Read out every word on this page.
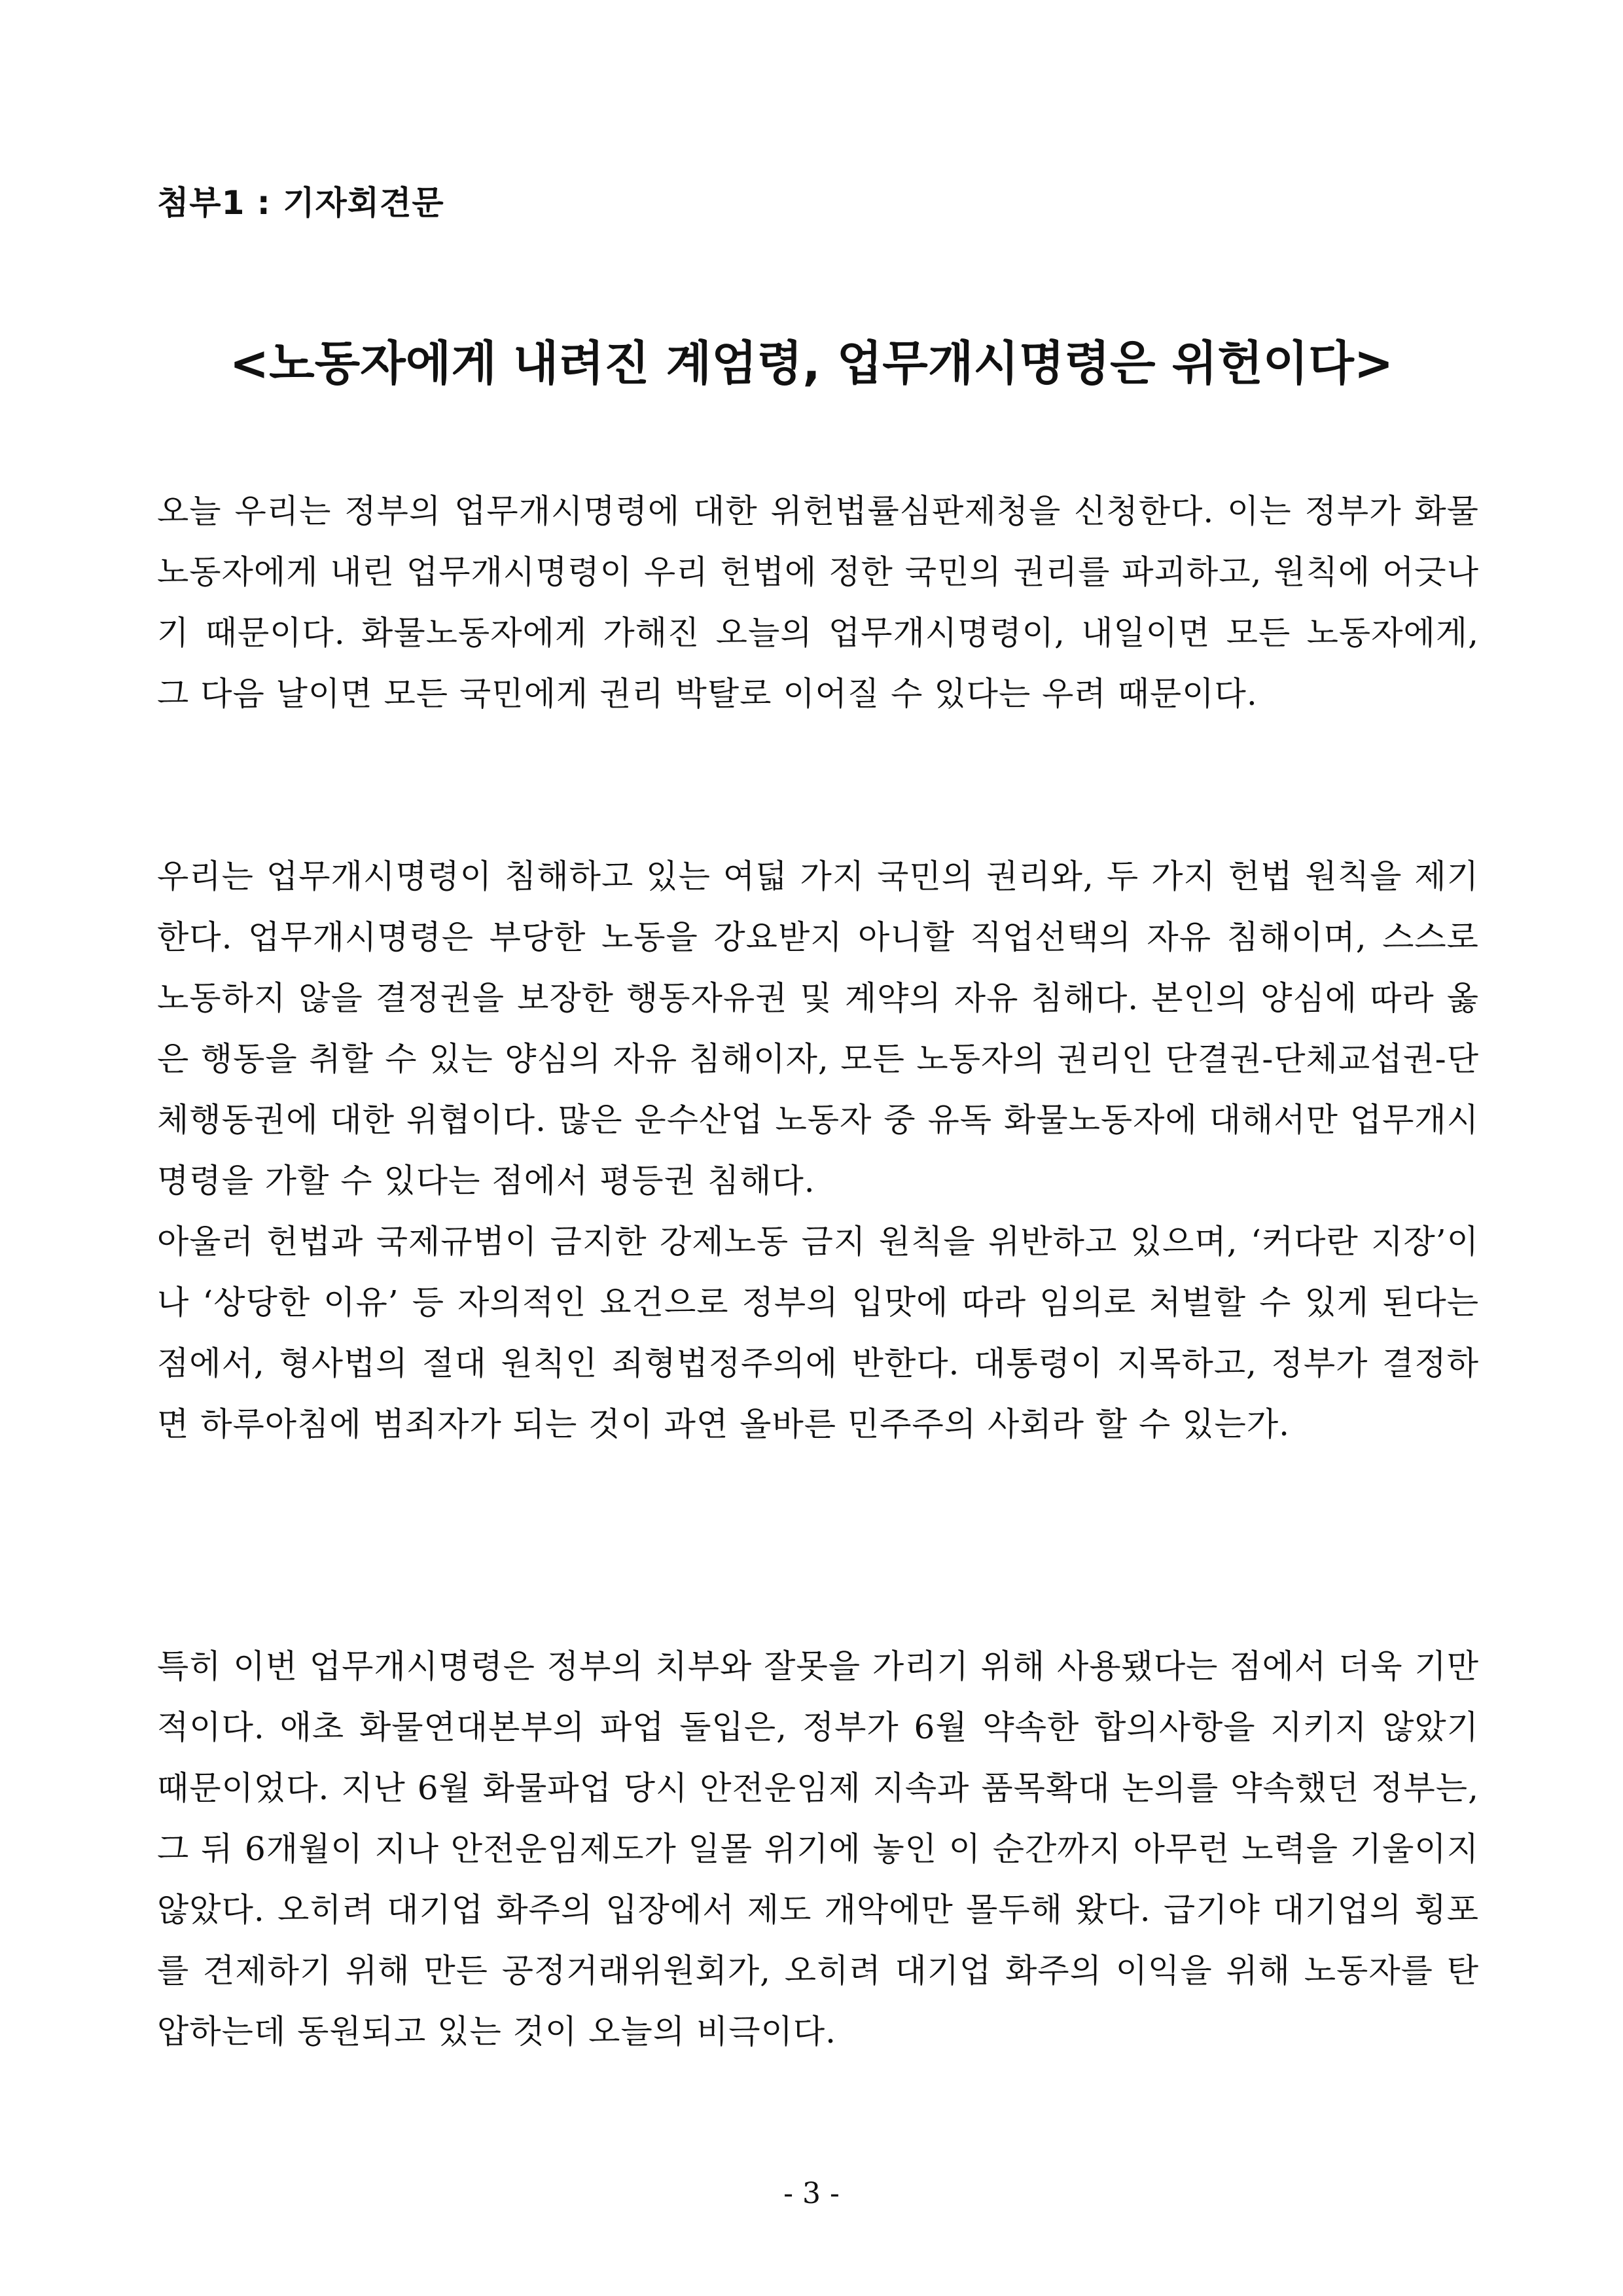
첨부1 : 기자회견문
<노동자에게 내려진 계엄령, 업무개시명령은 위헌이다>

오늘 우리는 정부의 업무개시명령에 대한 위헌법률심판제청을 신청한다. 이는 정부가 화물노동자에게 내린 업무개시명령이 우리 헌법에 정한 국민의 권리를 파괴하고, 원칙에 어긋나기 때문이다. 화물노동자에게 가해진 오늘의 업무개시명령이, 내일이면 모든 노동자에게, 그 다음 날이면 모든 국민에게 권리 박탈로 이어질 수 있다는 우려 때문이다.

우리는 업무개시명령이 침해하고 있는 여덟 가지 국민의 권리와, 두 가지 헌법 원칙을 제기한다. 업무개시명령은 부당한 노동을 강요받지 아니할 직업선택의 자유 침해이며, 스스로 노동하지 않을 결정권을 보장한 행동자유권 및 계약의 자유 침해다. 본인의 양심에 따라 옳은 행동을 취할 수 있는 양심의 자유 침해이자, 모든 노동자의 권리인 단결권-단체교섭권-단체행동권에 대한 위협이다. 많은 운수산업 노동자 중 유독 화물노동자에 대해서만 업무개시명령을 가할 수 있다는 점에서 평등권 침해다.

아울러 헌법과 국제규범이 금지한 강제노동 금지 원칙을 위반하고 있으며, ‘커다란 지장’이나 ‘상당한 이유’ 등 자의적인 요건으로 정부의 입맛에 따라 임의로 처벌할 수 있게 된다는 점에서, 형사법의 절대 원칙인 죄형법정주의에 반한다. 대통령이 지목하고, 정부가 결정하면 하루아침에 범죄자가 되는 것이 과연 올바른 민주주의 사회라 할 수 있는가.

특히 이번 업무개시명령은 정부의 치부와 잘못을 가리기 위해 사용됐다는 점에서 더욱 기만적이다. 애초 화물연대본부의 파업 돌입은, 정부가 6월 약속한 합의사항을 지키지 않았기 때문이었다. 지난 6월 화물파업 당시 안전운임제 지속과 품목확대 논의를 약속했던 정부는, 그 뒤 6개월이 지나 안전운임제도가 일몰 위기에 놓인 이 순간까지 아무런 노력을 기울이지 않았다. 오히려 대기업 화주의 입장에서 제도 개악에만 몰두해 왔다. 급기야 대기업의 횡포를 견제하기 위해 만든 공정거래위원회가, 오히려 대기업 화주의 이익을 위해 노동자를 탄압하는데 동원되고 있는 것이 오늘의 비극이다.

- 3 -
